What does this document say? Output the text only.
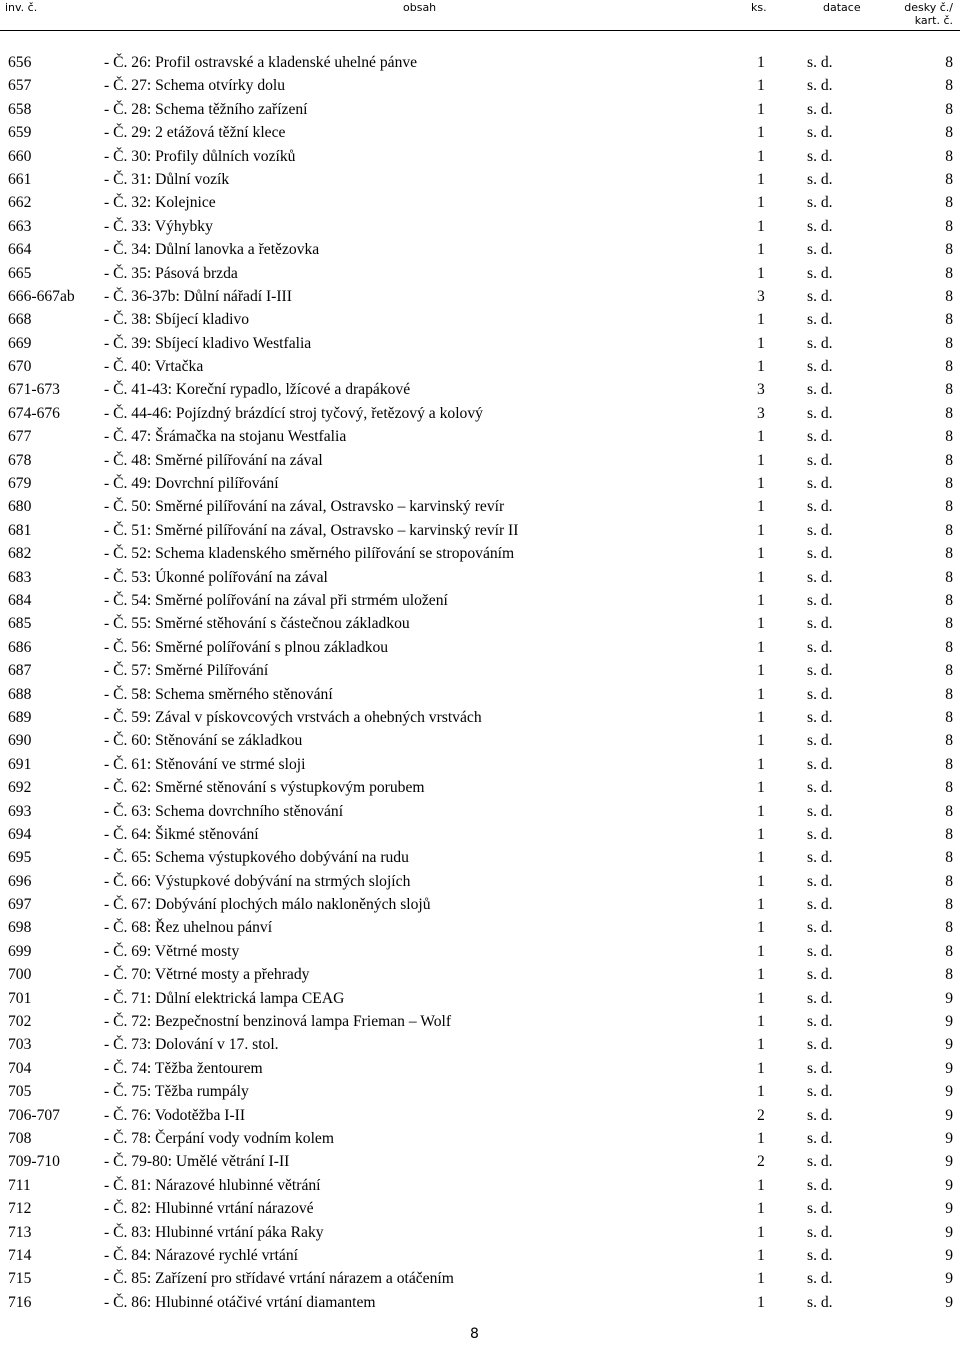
inv. č.	obsah	ks.	datace	desky č./
kart. č.
656	- Č. 26: Profil ostravské a kladenské uhelné pánve	1	s. d.	8
657	- Č. 27: Schema otvírky dolu	1	s. d.	8
658	- Č. 28: Schema těžního zařízení	1	s. d.	8
659	- Č. 29: 2 etážová těžní klece	1	s. d.	8
660	- Č. 30: Profily důlních vozíků	1	s. d.	8
661	- Č. 31: Důlní vozík	1	s. d.	8
662	- Č. 32: Kolejnice	1	s. d.	8
663	- Č. 33: Výhybky	1	s. d.	8
664	- Č. 34: Důlní lanovka a řetězovka	1	s. d.	8
665	- Č. 35: Pásová brzda	1	s. d.	8
666-667ab - Č. 36-37b: Důlní nářadí I-III	3	s. d.	8
668	- Č. 38: Sbíjecí kladivo	1	s. d.	8
669	- Č. 39: Sbíjecí kladivo Westfalia	1	s. d.	8
670	- Č. 40: Vrtačka	1	s. d.	8
671-673	- Č. 41-43: Koreční rypadlo, lžícové a drapákové	3	s. d.	8
674-676	- Č. 44-46: Pojízdný brázdící stroj tyčový, řetězový a kolový	3	s. d.	8
677	- Č. 47: Šrámačka na stojanu Westfalia	1	s. d.	8
678	- Č. 48: Směrné pilířování na zával	1	s. d.	8
679	- Č. 49: Dovrchní pilířování	1	s. d.	8
680	- Č. 50: Směrné pilířování na zával, Ostravsko – karvinský revír	1	s. d.	8
681	- Č. 51: Směrné pilířování na zával, Ostravsko – karvinský revír II	1	s. d.	8
682	- Č. 52: Schema kladenského směrného pilířování se stropováním	1	s. d.	8
683	- Č. 53: Úkonné polířování na zával	1	s. d.	8
684	- Č. 54: Směrné polířování na zával při strmém uložení	1	s. d.	8
685	- Č. 55: Směrné stěhování s částečnou základkou	1	s. d.	8
686	- Č. 56: Směrné polířování s plnou základkou	1	s. d.	8
687	- Č. 57: Směrné Pilířování	1	s. d.	8
688	- Č. 58: Schema směrného stěnování	1	s. d.	8
689	- Č. 59: Zával v pískovcových vrstvách a ohebných vrstvách	1	s. d.	8
690	- Č. 60: Stěnování se základkou	1	s. d.	8
691	- Č. 61: Stěnování ve strmé sloji	1	s. d.	8
692	- Č. 62: Směrné stěnování s výstupkovým porubem	1	s. d.	8
693	- Č. 63: Schema dovrchního stěnování	1	s. d.	8
694	- Č. 64: Šikmé stěnování	1	s. d.	8
695	- Č. 65: Schema výstupkového dobývání na rudu	1	s. d.	8
696	- Č. 66: Výstupkové dobývání na strmých slojích	1	s. d.	8
697	- Č. 67: Dobývání plochých málo nakloněných slojů	1	s. d.	8
698	- Č. 68: Řez uhelnou pánví	1	s. d.	8
699	- Č. 69: Větrné mosty	1	s. d.	8
700	- Č. 70: Větrné mosty a přehrady	1	s. d.	8
701	- Č. 71: Důlní elektrická lampa CEAG	1	s. d.	9
702	- Č. 72: Bezpečnostní benzinová lampa Frieman – Wolf	1	s. d.	9
703	- Č. 73: Dolování v 17. stol.	1	s. d.	9
704	- Č. 74: Těžba žentourem	1	s. d.	9
705	- Č. 75: Těžba rumpály	1	s. d.	9
706-707	- Č. 76: Vodotěžba I-II	2	s. d.	9
708	- Č. 78: Čerpání vody vodním kolem	1	s. d.	9
709-710	- Č. 79-80: Umělé větrání I-II	2	s. d.	9
711	- Č. 81: Nárazové hlubinné větrání	1	s. d.	9
712	- Č. 82: Hlubinné vrtání nárazové	1	s. d.	9
713	- Č. 83: Hlubinné vrtání páka Raky	1	s. d.	9
714	- Č. 84: Nárazové rychlé vrtání	1	s. d.	9
715	- Č. 85: Zařízení pro střídavé vrtání nárazem a otáčením	1	s. d.	9
716	- Č. 86: Hlubinné otáčivé vrtání diamantem	1	s. d.	9
8
